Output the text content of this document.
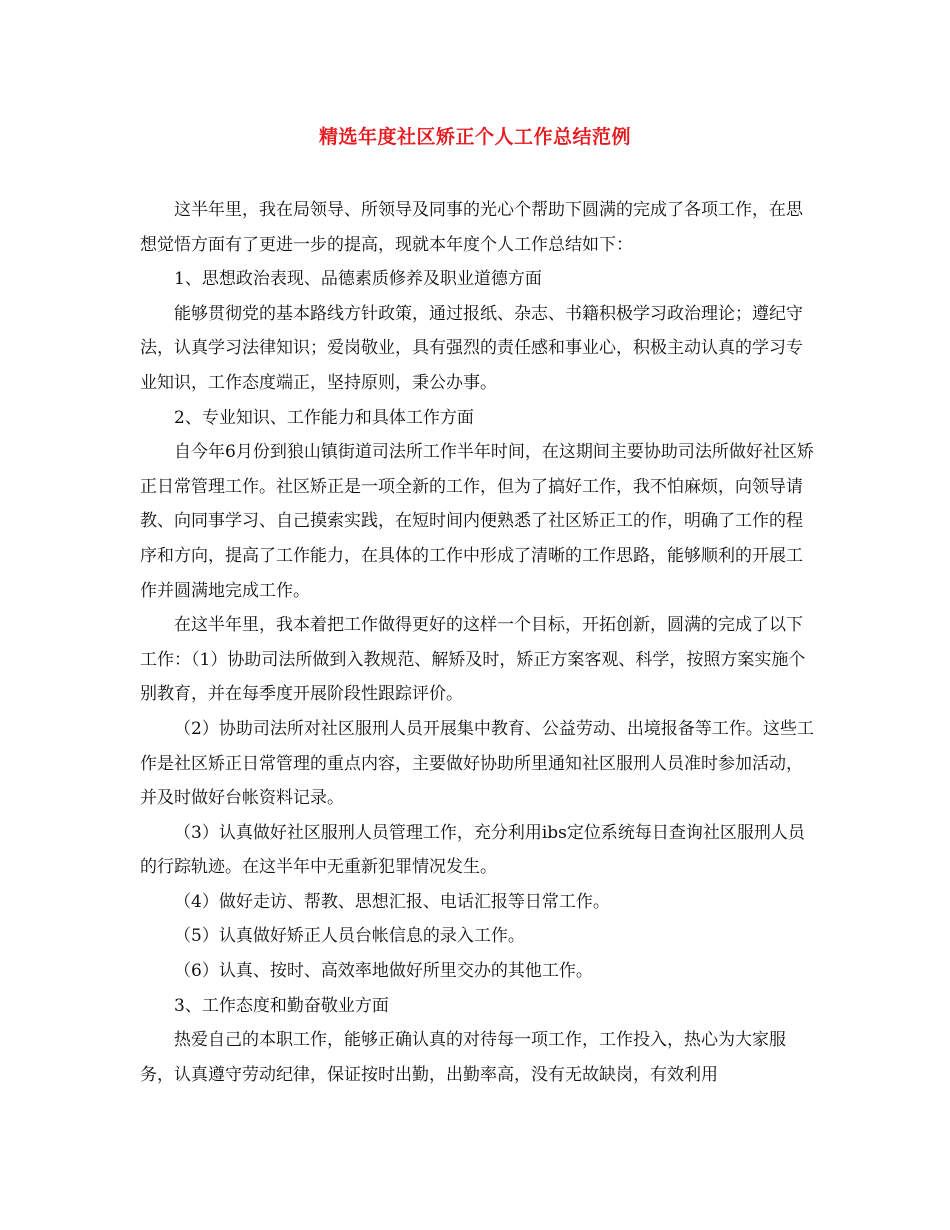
精选年度社区矫正个人工作总结范例

这半年里，我在局领导、所领导及同事的光心个帮助下圆满的完成了各项工作，在思想觉悟方面有了更进一步的提高，现就本年度个人工作总结如下：

1、思想政治表现、品德素质修养及职业道德方面

能够贯彻党的基本路线方针政策，通过报纸、杂志、书籍积极学习政治理论；遵纪守法，认真学习法律知识；爱岗敬业，具有强烈的责任感和事业心，积极主动认真的学习专业知识，工作态度端正，坚持原则，秉公办事。

2、专业知识、工作能力和具体工作方面

自今年6月份到狼山镇街道司法所工作半年时间，在这期间主要协助司法所做好社区矫正日常管理工作。社区矫正是一项全新的工作，但为了搞好工作，我不怕麻烦，向领导请教、向同事学习、自己摸索实践，在短时间内便熟悉了社区矫正工的作，明确了工作的程序和方向，提高了工作能力，在具体的工作中形成了清晰的工作思路，能够顺利的开展工作并圆满地完成工作。

在这半年里，我本着把工作做得更好的这样一个目标，开拓创新，圆满的完成了以下工作：（1）协助司法所做到入教规范、解矫及时，矫正方案客观、科学，按照方案实施个别教育，并在每季度开展阶段性跟踪评价。

（2）协助司法所对社区服刑人员开展集中教育、公益劳动、出境报备等工作。这些工作是社区矫正日常管理的重点内容，主要做好协助所里通知社区服刑人员准时参加活动，并及时做好台帐资料记录。

（3）认真做好社区服刑人员管理工作，充分利用ibs定位系统每日查询社区服刑人员的行踪轨迹。在这半年中无重新犯罪情况发生。

（4）做好走访、帮教、思想汇报、电话汇报等日常工作。

（5）认真做好矫正人员台帐信息的录入工作。

（6）认真、按时、高效率地做好所里交办的其他工作。

3、工作态度和勤奋敬业方面

热爱自己的本职工作，能够正确认真的对待每一项工作，工作投入，热心为大家服务，认真遵守劳动纪律，保证按时出勤，出勤率高，没有无故缺岗，有效利用
